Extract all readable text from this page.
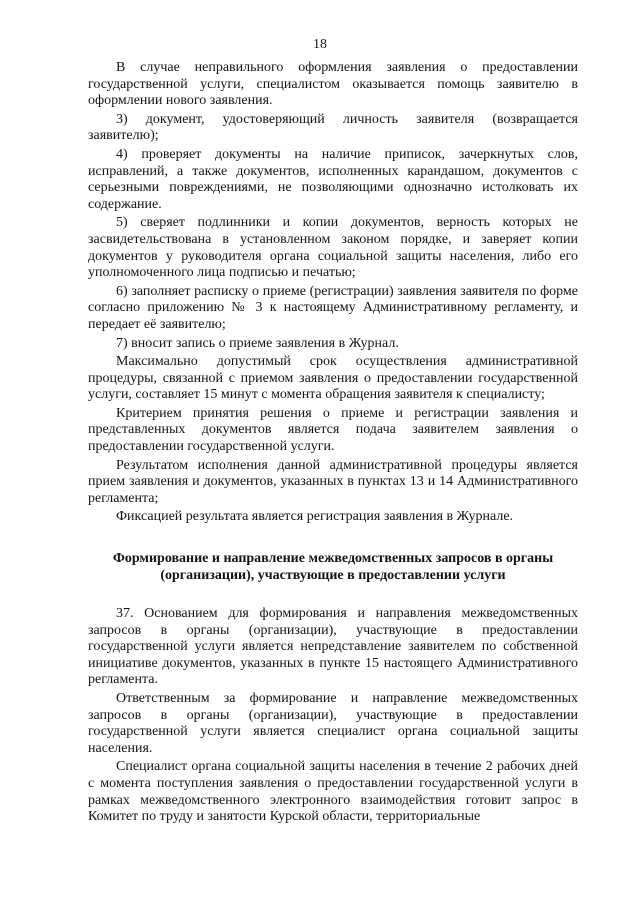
18

В случае неправильного оформления заявления о предоставлении государственной услуги, специалистом оказывается помощь заявителю в оформлении нового заявления.

3) документ, удостоверяющий личность заявителя (возвращается заявителю);

4) проверяет документы на наличие приписок, зачеркнутых слов, исправлений, а также документов, исполненных карандашом, документов с серьезными повреждениями, не позволяющими однозначно истолковать их содержание.

5) сверяет подлинники и копии документов, верность которых не засвидетельствована в установленном законом порядке, и заверяет копии документов у руководителя органа социальной защиты населения, либо его уполномоченного лица подписью и печатью;

6) заполняет расписку о приеме (регистрации) заявления заявителя по форме согласно приложению № 3 к настоящему Административному регламенту, и передает её заявителю;

7) вносит запись о приеме заявления в Журнал.

Максимально допустимый срок осуществления административной процедуры, связанной с приемом заявления о предоставлении государственной услуги, составляет 15 минут с момента обращения заявителя к специалисту;

Критерием принятия решения о приеме и регистрации заявления и представленных документов является подача заявителем заявления о предоставлении государственной услуги.

Результатом исполнения данной административной процедуры является прием заявления и документов, указанных в пунктах 13 и 14 Административного регламента;

Фиксацией результата является регистрация заявления в Журнале.

Формирование и направление межведомственных запросов в органы
(организации), участвующие в предоставлении услуги

37. Основанием для формирования и направления межведомственных запросов в органы (организации), участвующие в предоставлении государственной услуги является непредставление заявителем по собственной инициативе документов, указанных в пункте 15 настоящего Административного регламента.

Ответственным за формирование и направление межведомственных запросов в органы (организации), участвующие в предоставлении государственной услуги является специалист органа социальной защиты населения.

Специалист органа социальной защиты населения в течение 2 рабочих дней с момента поступления заявления о предоставлении государственной услуги в рамках межведомственного электронного взаимодействия готовит запрос в Комитет по труду и занятости Курской области, территориальные
